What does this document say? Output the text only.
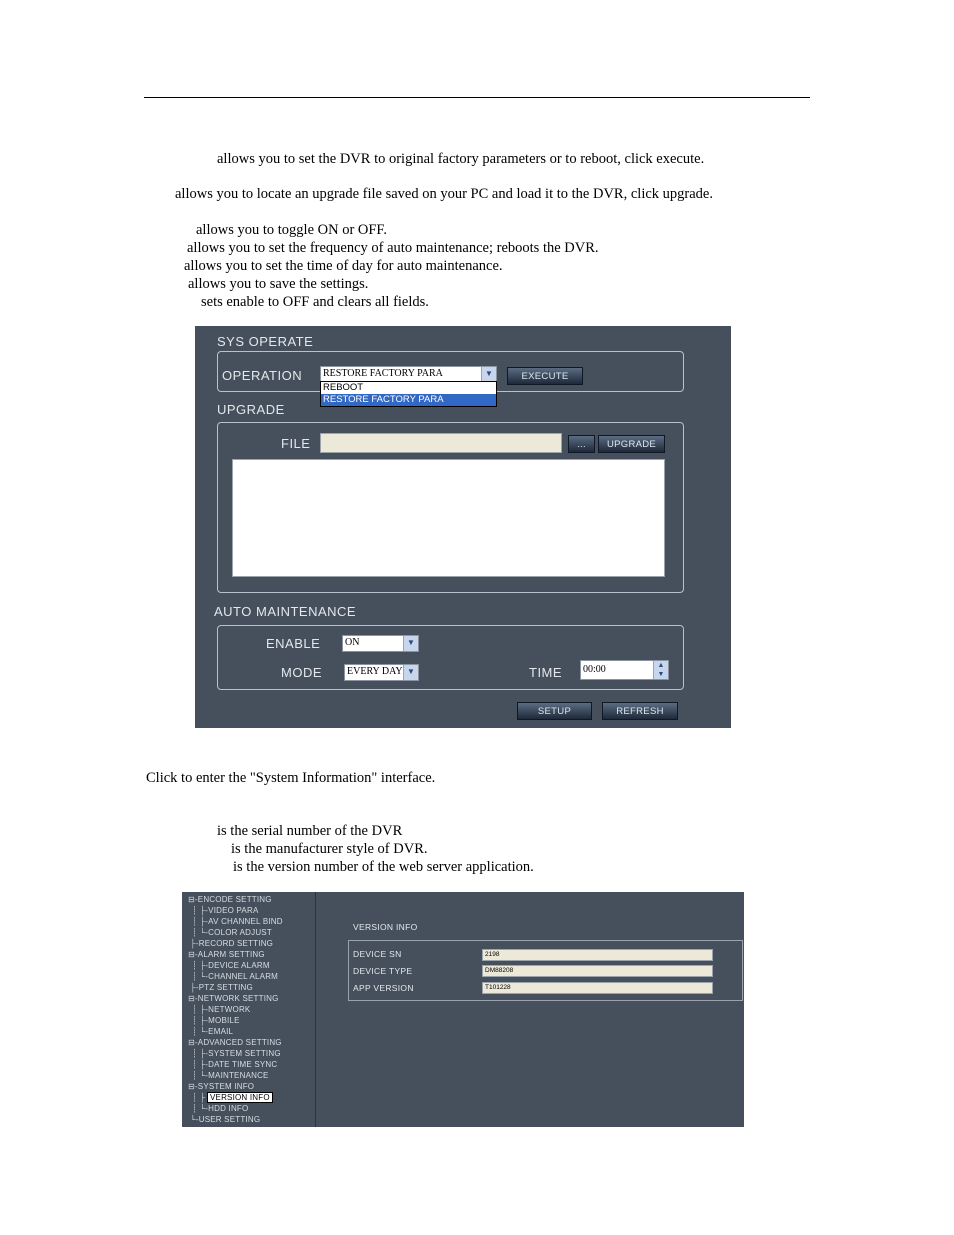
allows you to set the DVR to original factory parameters or to reboot, click execute.
allows you to locate an upgrade file saved on your PC and load it to the DVR, click upgrade.
allows you to toggle ON or OFF.
allows you to set the frequency of auto maintenance; reboots the DVR.
allows you to set the time of day for auto maintenance.
allows you to save the settings.
sets enable to OFF and clears all fields.
SYS OPERATE
OPERATION	RESTORE FACTORY PARA	▼	EXECUTE
UPGRADE
FILE	...	UPGRADE
AUTO MAINTENANCE
ENABLE	ON	▼
MODE	EVERY DAY ▼	TIME	00:00	▲
▼
SETUP	REFRESH
REBOOT
RESTORE FACTORY PARA
Click to enter the "System Information" interface.
is the serial number of the DVR
is the manufacturer style of DVR.
is the version number of the web server application.
⊟-ENCODE SETTING
┊ ├-VIDEO PARA
┊ ├-AV CHANNEL BIND
┊ └-COLOR ADJUST
├-RECORD SETTING
⊟-ALARM SETTING
┊ ├-DEVICE ALARM
┊ └-CHANNEL ALARM
├-PTZ SETTING
⊟-NETWORK SETTING
┊ ├-NETWORK
┊ ├-MOBILE
┊ └-EMAIL
⊟-ADVANCED SETTING
┊ ├-SYSTEM SETTING
┊ ├-DATE TIME SYNC
┊ └-MAINTENANCE
⊟-SYSTEM INFO
┊ ├ VERSION INFO
┊ └-HDD INFO
└-USER SETTING
VERSION INFO
DEVICE SN	2198
DEVICE TYPE	DM88208
APP VERSION	T101228
